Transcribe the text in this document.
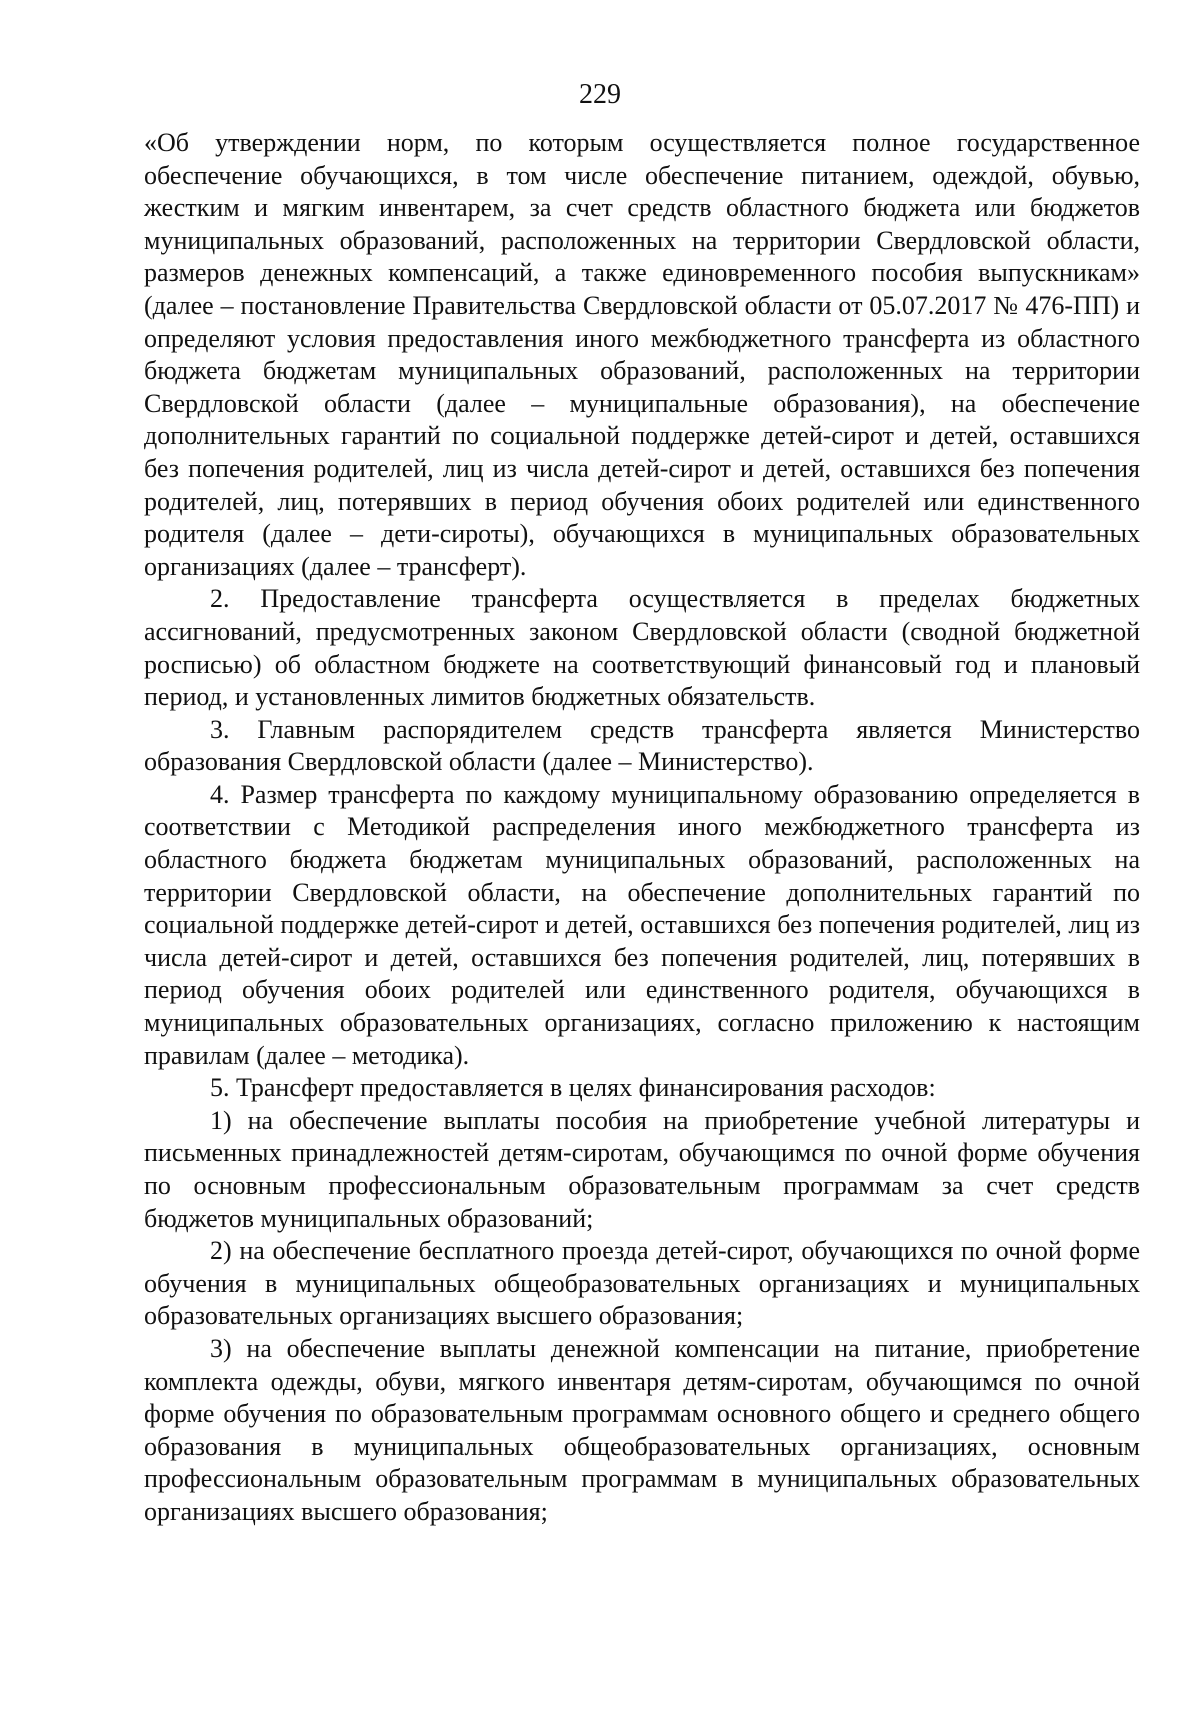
229

«Об утверждении норм, по которым осуществляется полное государственное обеспечение обучающихся, в том числе обеспечение питанием, одеждой, обувью, жестким и мягким инвентарем, за счет средств областного бюджета или бюджетов муниципальных образований, расположенных на территории Свердловской области, размеров денежных компенсаций, а также единовременного пособия выпускникам» (далее – постановление Правительства Свердловской области от 05.07.2017 № 476-ПП) и определяют условия предоставления иного межбюджетного трансферта из областного бюджета бюджетам муниципальных образований, расположенных на территории Свердловской области (далее – муниципальные образования), на обеспечение дополнительных гарантий по социальной поддержке детей-сирот и детей, оставшихся без попечения родителей, лиц из числа детей-сирот и детей, оставшихся без попечения родителей, лиц, потерявших в период обучения обоих родителей или единственного родителя (далее – дети-сироты), обучающихся в муниципальных образовательных организациях (далее – трансферт).

2. Предоставление трансферта осуществляется в пределах бюджетных ассигнований, предусмотренных законом Свердловской области (сводной бюджетной росписью) об областном бюджете на соответствующий финансовый год и плановый период, и установленных лимитов бюджетных обязательств.

3. Главным распорядителем средств трансферта является Министерство образования Свердловской области (далее – Министерство).

4. Размер трансферта по каждому муниципальному образованию определяется в соответствии с Методикой распределения иного межбюджетного трансферта из областного бюджета бюджетам муниципальных образований, расположенных на территории Свердловской области, на обеспечение дополнительных гарантий по социальной поддержке детей-сирот и детей, оставшихся без попечения родителей, лиц из числа детей-сирот и детей, оставшихся без попечения родителей, лиц, потерявших в период обучения обоих родителей или единственного родителя, обучающихся в муниципальных образовательных организациях, согласно приложению к настоящим правилам (далее – методика).

5. Трансферт предоставляется в целях финансирования расходов:

1) на обеспечение выплаты пособия на приобретение учебной литературы и письменных принадлежностей детям-сиротам, обучающимся по очной форме обучения по основным профессиональным образовательным программам за счет средств бюджетов муниципальных образований;

2) на обеспечение бесплатного проезда детей-сирот, обучающихся по очной форме обучения в муниципальных общеобразовательных организациях и муниципальных образовательных организациях высшего образования;

3) на обеспечение выплаты денежной компенсации на питание, приобретение комплекта одежды, обуви, мягкого инвентаря детям-сиротам, обучающимся по очной форме обучения по образовательным программам основного общего и среднего общего образования в муниципальных общеобразовательных организациях, основным профессиональным образовательным программам в муниципальных образовательных организациях высшего образования;
